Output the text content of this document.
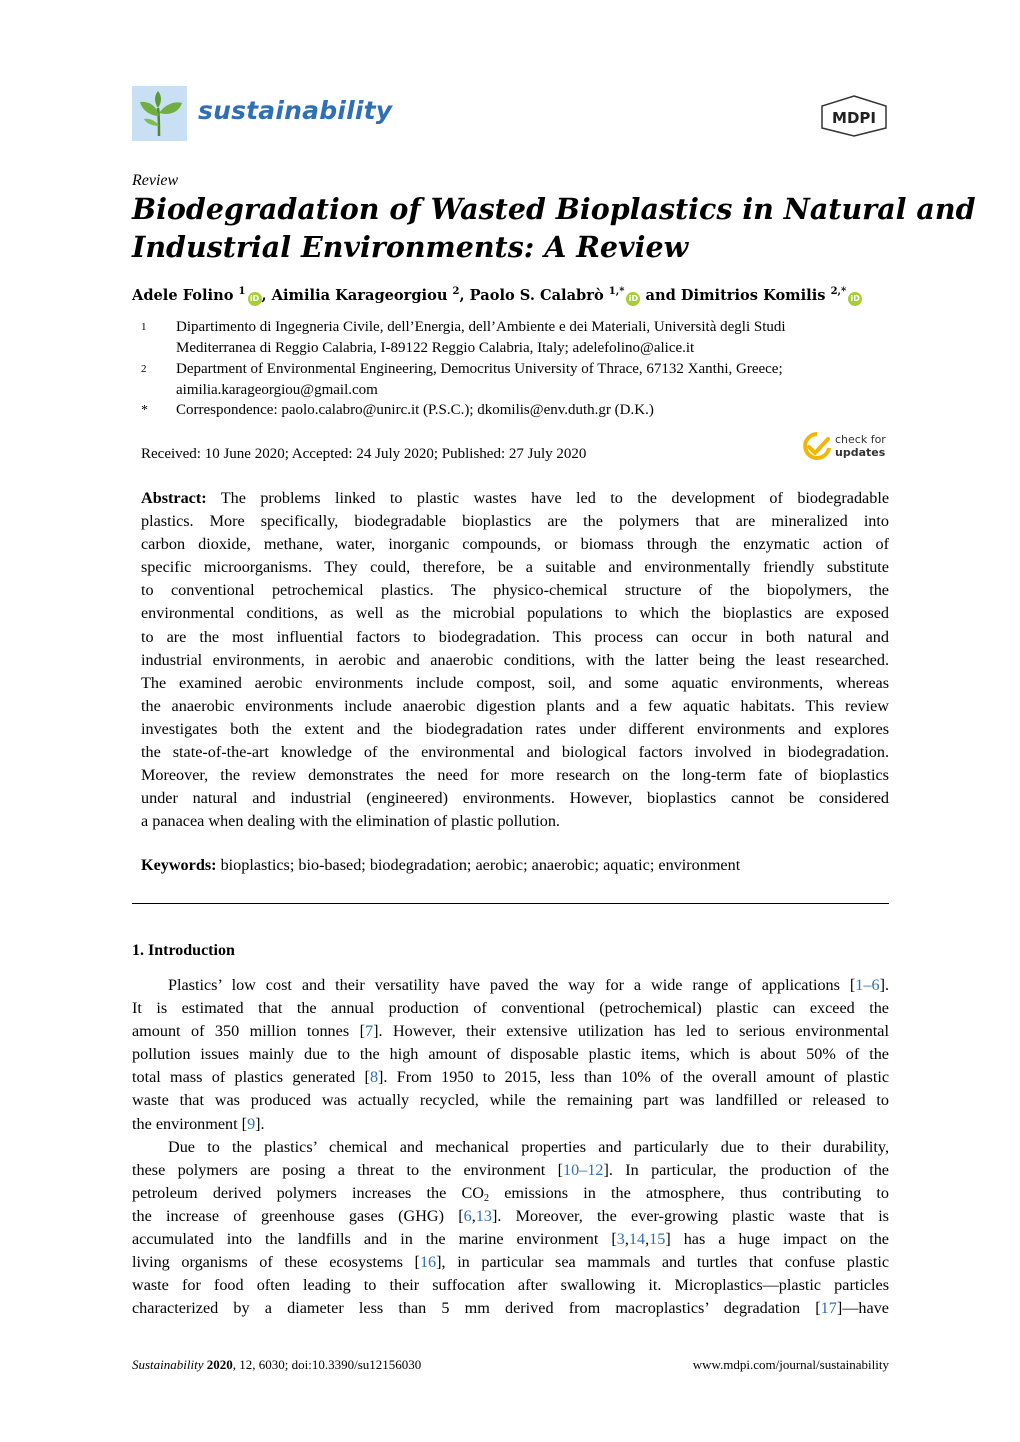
sustainability	MDPI
Review
Biodegradation of Wasted Bioplastics in Natural and
Industrial Environments: A Review
Adele Folino $^1$iD , Aimilia Karageorgiou $^2$, Paolo S. Calabrò $^{1,*}$iD and Dimitrios Komilis $^{2,*}$iD
1 Dipartimento di Ingegneria Civile, dell’Energia, dell’Ambiente e dei Materiali, Università degli Studi
Mediterranea di Reggio Calabria, I-89122 Reggio Calabria, Italy; adelefolino@alice.it
2 Department of Environmental Engineering, Democritus University of Thrace, 67132 Xanthi, Greece;
aimilia.karageorgiou@gmail.com
* Correspondence: paolo.calabro@unirc.it (P.S.C.); dkomilis@env.duth.gr (D.K.)
Received: 10 June 2020; Accepted: 24 July 2020; Published: 27 July 2020
check for
updates
Abstract: The problems linked to plastic wastes have led to the development of biodegradable
plastics. More specifically, biodegradable bioplastics are the polymers that are mineralized into
carbon dioxide, methane, water, inorganic compounds, or biomass through the enzymatic action of
specific microorganisms. They could, therefore, be a suitable and environmentally friendly substitute
to conventional petrochemical plastics. The physico-chemical structure of the biopolymers, the
environmental conditions, as well as the microbial populations to which the bioplastics are exposed
to are the most influential factors to biodegradation. This process can occur in both natural and
industrial environments, in aerobic and anaerobic conditions, with the latter being the least researched.
The examined aerobic environments include compost, soil, and some aquatic environments, whereas
the anaerobic environments include anaerobic digestion plants and a few aquatic habitats. This review
investigates both the extent and the biodegradation rates under different environments and explores
the state-of-the-art knowledge of the environmental and biological factors involved in biodegradation.
Moreover, the review demonstrates the need for more research on the long-term fate of bioplastics
under natural and industrial (engineered) environments. However, bioplastics cannot be considered
a panacea when dealing with the elimination of plastic pollution.
Keywords: bioplastics; bio-based; biodegradation; aerobic; anaerobic; aquatic; environment
1. Introduction
Plastics’ low cost and their versatility have paved the way for a wide range of applications [1–6].
It is estimated that the annual production of conventional (petrochemical) plastic can exceed the
amount of 350 million tonnes [7]. However, their extensive utilization has led to serious environmental
pollution issues mainly due to the high amount of disposable plastic items, which is about 50% of the
total mass of plastics generated [8]. From 1950 to 2015, less than 10% of the overall amount of plastic
waste that was produced was actually recycled, while the remaining part was landfilled or released to
the environment [9].
Due to the plastics’ chemical and mechanical properties and particularly due to their durability,
these polymers are posing a threat to the environment [10–12]. In particular, the production of the
petroleum derived polymers increases the $CO_2$ emissions in the atmosphere, thus contributing to
the increase of greenhouse gases (GHG) [6,13]. Moreover, the ever-growing plastic waste that is
accumulated into the landfills and in the marine environment [3,14,15] has a huge impact on the
living organisms of these ecosystems [16], in particular sea mammals and turtles that confuse plastic
waste for food often leading to their suffocation after swallowing it. Microplastics—plastic particles
characterized by a diameter less than 5 mm derived from macroplastics’ degradation [17]—have
Sustainability 2020, 12, 6030; doi:10.3390/su12156030	www.mdpi.com/journal/sustainability
